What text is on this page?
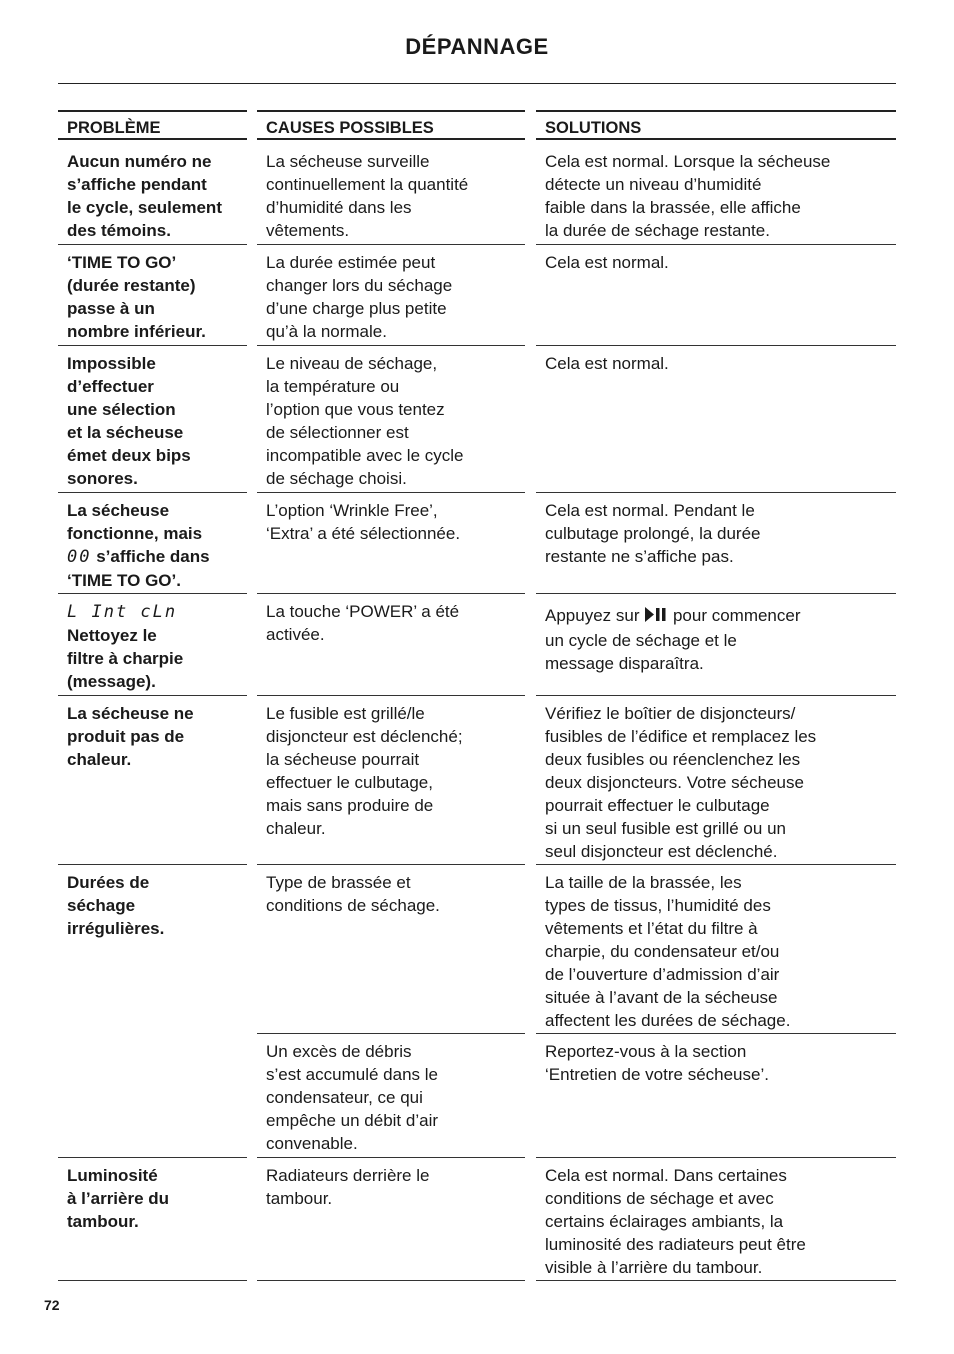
DÉPANNAGE
PROBLÈME	CAUSES POSSIBLES	SOLUTIONS
Aucun numéro ne
s’affiche pendant
le cycle, seulement
des témoins.
La sécheuse surveille
continuellement la quantité
d’humidité dans les
vêtements.
Cela est normal. Lorsque la sécheuse
détecte un niveau d’humidité
faible dans la brassée, elle affiche
la durée de séchage restante.
‘TIME TO GO’
(durée restante)
passe à un
nombre inférieur.
La durée estimée peut
changer lors du séchage
d’une charge plus petite
qu’à la normale.
Cela est normal.
Impossible
d’effectuer
une sélection
et la sécheuse
émet deux bips
sonores.
Le niveau de séchage,
la température ou
l’option que vous tentez
de sélectionner est
incompatible avec le cycle
de séchage choisi.
Cela est normal.
La sécheuse
fonctionne, mais
00 s’affiche dans
‘TIME TO GO’.
L’option ‘Wrinkle Free’,
‘Extra’ a été sélectionnée.
Cela est normal. Pendant le
culbutage prolongé, la durée
restante ne s’affiche pas.
L Int cLn
Nettoyez le
filtre à charpie
(message).
La touche ‘POWER’ a été
activée.
Appuyez sur  pour commencer
un cycle de séchage et le
message disparaîtra.
La sécheuse ne
produit pas de
chaleur.
Le fusible est grillé/le
disjoncteur est déclenché;
la sécheuse pourrait
effectuer le culbutage,
mais sans produire de
chaleur.
Vérifiez le boîtier de disjoncteurs/
fusibles de l’édifice et remplacez les
deux fusibles ou réenclenchez les
deux disjoncteurs. Votre sécheuse
pourrait effectuer le culbutage
si un seul fusible est grillé ou un
seul disjoncteur est déclenché.
Durées de
séchage
irrégulières.
Type de brassée et
conditions de séchage.
La taille de la brassée, les
types de tissus, l’humidité des
vêtements et l’état du filtre à
charpie, du condensateur et/ou
de l’ouverture d’admission d’air
située à l’avant de la sécheuse
affectent les durées de séchage.
Un excès de débris
s’est accumulé dans le
condensateur, ce qui
empêche un débit d’air
convenable.
Reportez-vous à la section
‘Entretien de votre sécheuse’.
Luminosité
à l’arrière du
tambour.
Radiateurs derrière le
tambour.
Cela est normal. Dans certaines
conditions de séchage et avec
certains éclairages ambiants, la
luminosité des radiateurs peut être
visible à l’arrière du tambour.
72
